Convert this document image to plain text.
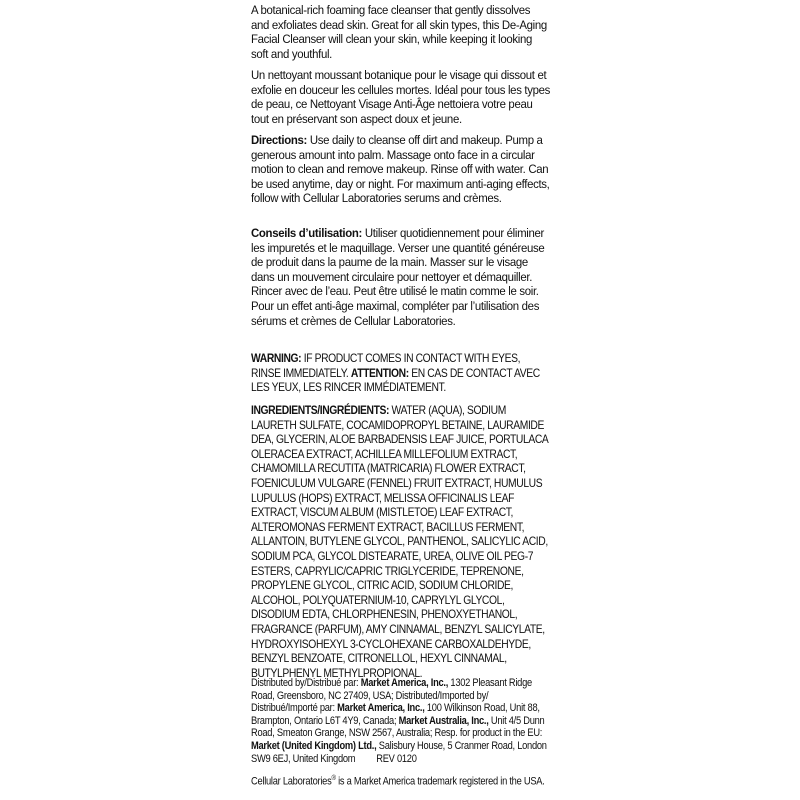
A botanical-rich foaming face cleanser that gently dissolves and exfoliates dead skin. Great for all skin types, this De-Aging Facial Cleanser will clean your skin, while keeping it looking soft and youthful.

Un nettoyant moussant botanique pour le visage qui dissout et exfolie en douceur les cellules mortes. Idéal pour tous les types de peau, ce Nettoyant Visage Anti-Âge nettoiera votre peau tout en préservant son aspect doux et jeune.

Directions: Use daily to cleanse off dirt and makeup. Pump a generous amount into palm. Massage onto face in a circular motion to clean and remove makeup. Rinse off with water. Can be used anytime, day or night. For maximum anti-aging effects, follow with Cellular Laboratories serums and crèmes.

Conseils d’utilisation: Utiliser quotidiennement pour éliminer les impuretés et le maquillage. Verser une quantité généreuse de produit dans la paume de la main. Masser sur le visage dans un mouvement circulaire pour nettoyer et démaquiller. Rincer avec de l’eau. Peut être utilisé le matin comme le soir. Pour un effet anti-âge maximal, compléter par l’utilisation des sérums et crèmes de Cellular Laboratories.

WARNING: IF PRODUCT COMES IN CONTACT WITH EYES, RINSE IMMEDIATELY. ATTENTION: EN CAS DE CONTACT AVEC LES YEUX, LES RINCER IMMÉDIATEMENT.

INGREDIENTS/INGRÉDIENTS: WATER (AQUA), SODIUM LAURETH SULFATE, COCAMIDOPROPYL BETAINE, LAURAMIDE DEA, GLYCERIN, ALOE BARBADENSIS LEAF JUICE, PORTULACA OLERACEA EXTRACT, ACHILLEA MILLEFOLIUM EXTRACT, CHAMOMILLA RECUTITA (MATRICARIA) FLOWER EXTRACT, FOENICULUM VULGARE (FENNEL) FRUIT EXTRACT, HUMULUS LUPULUS (HOPS) EXTRACT, MELISSA OFFICINALIS LEAF EXTRACT, VISCUM ALBUM (MISTLETOE) LEAF EXTRACT, ALTEROMONAS FERMENT EXTRACT, BACILLUS FERMENT, ALLANTOIN, BUTYLENE GLYCOL, PANTHENOL, SALICYLIC ACID, SODIUM PCA, GLYCOL DISTEARATE, UREA, OLIVE OIL PEG-7 ESTERS, CAPRYLIC/CAPRIC TRIGLYCERIDE, TEPRENONE, PROPYLENE GLYCOL, CITRIC ACID, SODIUM CHLORIDE, ALCOHOL, POLYQUATERNIUM-10, CAPRYLYL GLYCOL, DISODIUM EDTA, CHLORPHENESIN, PHENOXYETHANOL, FRAGRANCE (PARFUM), AMY CINNAMAL, BENZYL SALICYLATE, HYDROXYISOHEXYL 3-CYCLOHEXANE CARBOXALDEHYDE, BENZYL BENZOATE, CITRONELLOL, HEXYL CINNAMAL, BUTYLPHENYL METHYLPROPIONAL.

Distributed by/Distribué par: Market America, Inc., 1302 Pleasant Ridge Road, Greensboro, NC 27409, USA; Distributed/Imported by/ Distribué/Importé par: Market America, Inc., 100 Wilkinson Road, Unit 88, Brampton, Ontario L6T 4Y9, Canada; Market Australia, Inc., Unit 4/5 Dunn Road, Smeaton Grange, NSW 2567, Australia; Resp. for product in the EU: Market (United Kingdom) Ltd., Salisbury House, 5 Cranmer Road, London SW9 6EJ, United Kingdom REV 0120

Cellular Laboratories® is a Market America trademark registered in the USA.
